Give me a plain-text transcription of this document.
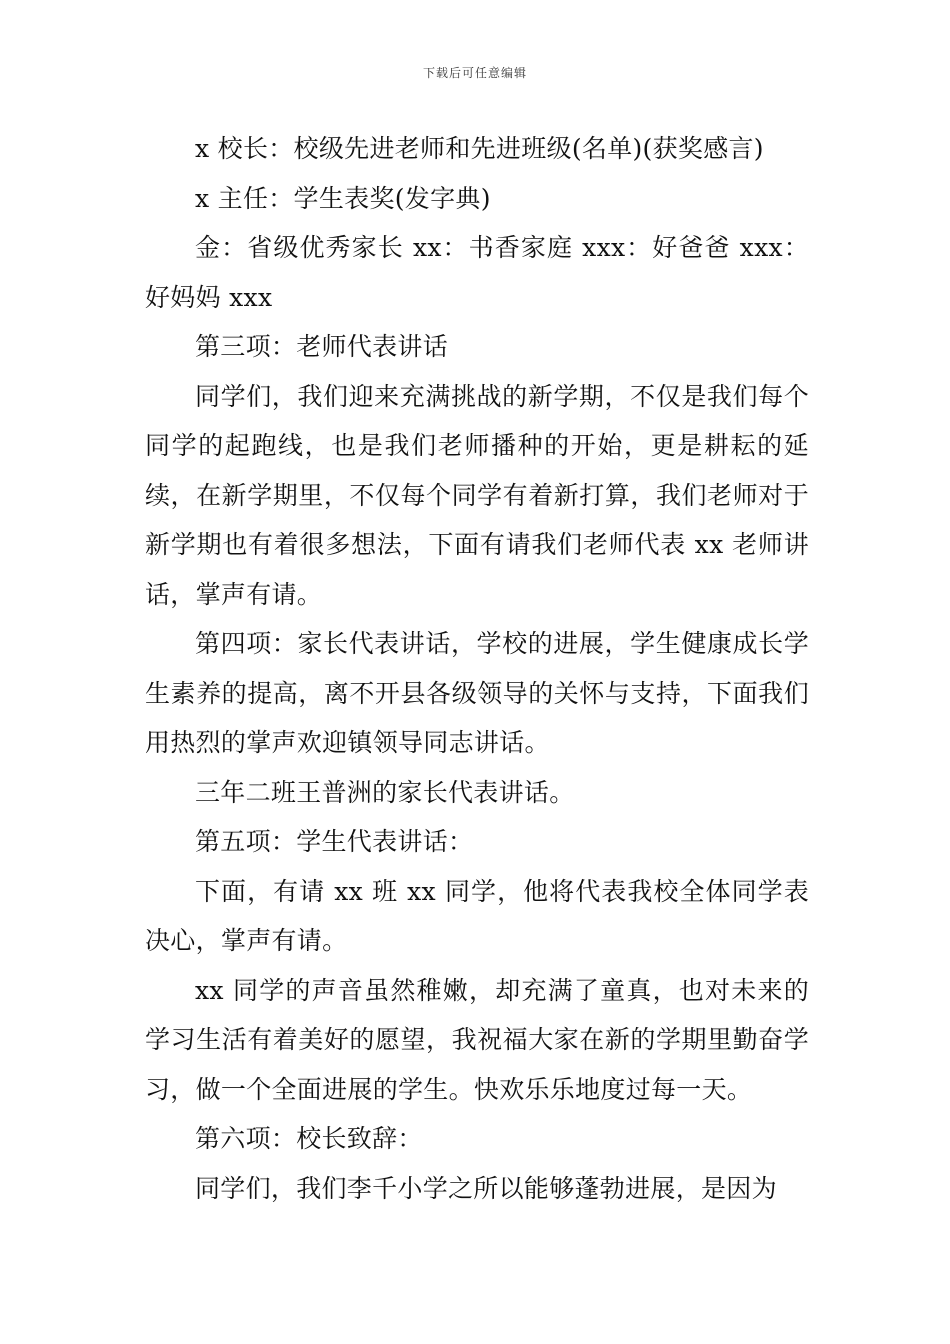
下载后可任意编辑

x 校长：校级先进老师和先进班级(名单)(获奖感言)

x 主任：学生表奖(发字典)

金：省级优秀家长 xx：书香家庭 xxx：好爸爸 xxx：好妈妈 xxx

第三项：老师代表讲话

同学们，我们迎来充满挑战的新学期，不仅是我们每个同学的起跑线，也是我们老师播种的开始，更是耕耘的延续，在新学期里，不仅每个同学有着新打算，我们老师对于新学期也有着很多想法，下面有请我们老师代表 xx 老师讲话，掌声有请。

第四项：家长代表讲话，学校的进展，学生健康成长学生素养的提高，离不开县各级领导的关怀与支持，下面我们用热烈的掌声欢迎镇领导同志讲话。

三年二班王普洲的家长代表讲话。

第五项：学生代表讲话：

下面，有请 xx 班 xx 同学，他将代表我校全体同学表决心，掌声有请。

xx 同学的声音虽然稚嫩，却充满了童真，也对未来的学习生活有着美好的愿望，我祝福大家在新的学期里勤奋学习，做一个全面进展的学生。快欢乐乐地度过每一天。

第六项：校长致辞：

同学们，我们李千小学之所以能够蓬勃进展，是因为
